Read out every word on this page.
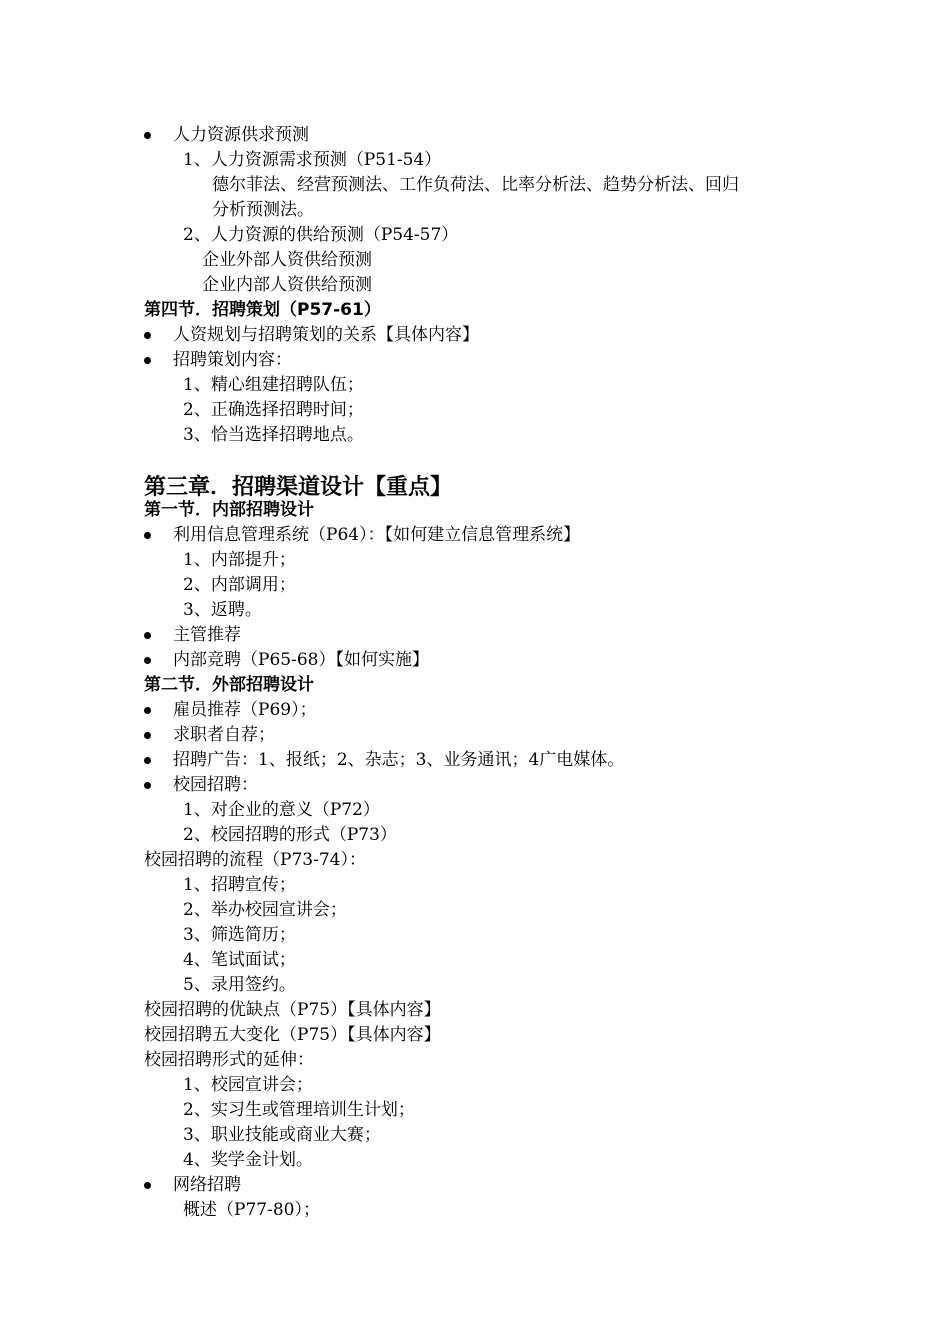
人力资源供求预测
1、人力资源需求预测（P51-54）
德尔菲法、经营预测法、工作负荷法、比率分析法、趋势分析法、回归
分析预测法。
2、人力资源的供给预测（P54-57）
企业外部人资供给预测
企业内部人资供给预测
第四节．招聘策划（P57-61）
人资规划与招聘策划的关系【具体内容】
招聘策划内容：
1、精心组建招聘队伍；
2、正确选择招聘时间；
3、恰当选择招聘地点。
第三章．招聘渠道设计【重点】
第一节．内部招聘设计
利用信息管理系统（P64）：【如何建立信息管理系统】
1、内部提升；
2、内部调用；
3、返聘。
主管推荐
内部竞聘（P65-68）【如何实施】
第二节．外部招聘设计
雇员推荐（P69）；
求职者自荐；
招聘广告：1、报纸；2、杂志；3、业务通讯；4广电媒体。
校园招聘：
1、对企业的意义（P72）
2、校园招聘的形式（P73）
校园招聘的流程（P73-74）：
1、招聘宣传；
2、举办校园宣讲会；
3、筛选简历；
4、笔试面试；
5、录用签约。
校园招聘的优缺点（P75）【具体内容】
校园招聘五大变化（P75）【具体内容】
校园招聘形式的延伸：
1、校园宣讲会；
2、实习生或管理培训生计划；
3、职业技能或商业大赛；
4、奖学金计划。
网络招聘
概述（P77-80）；
